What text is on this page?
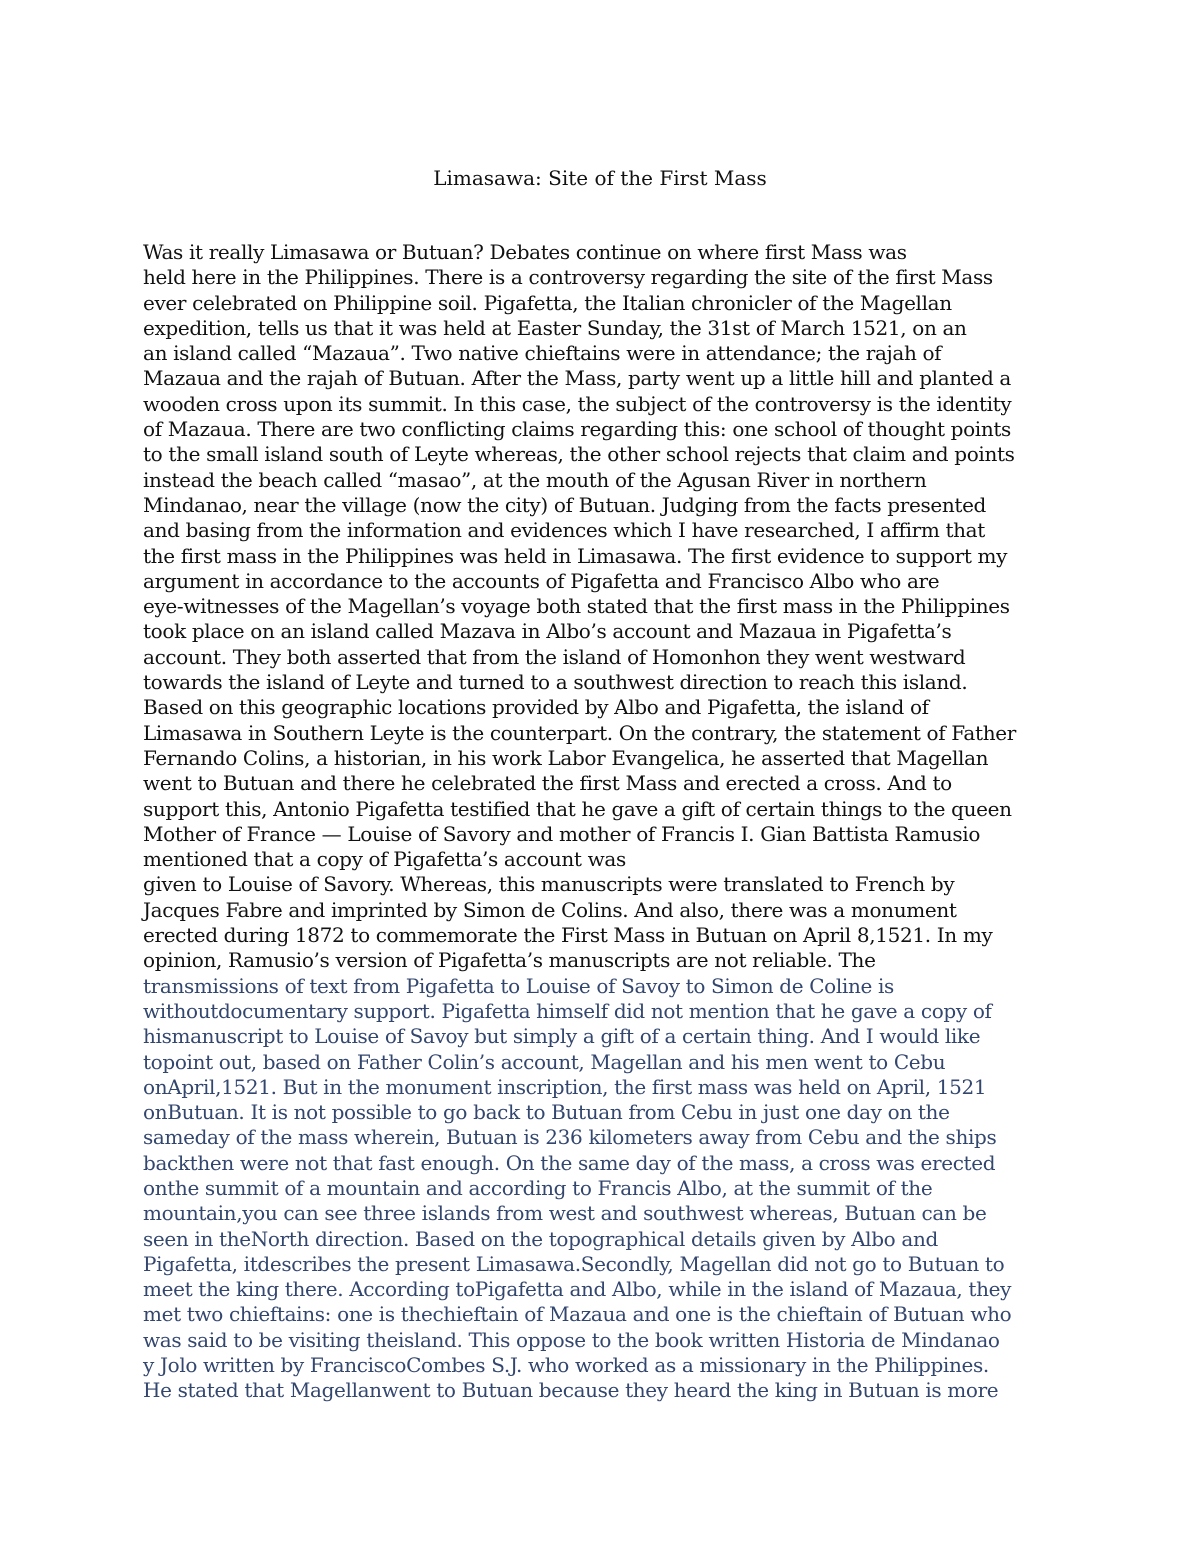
Limasawa: Site of the First Mass
Was it really Limasawa or Butuan? Debates continue on where first Mass was
held here in the Philippines. There is a controversy regarding the site of the first Mass
ever celebrated on Philippine soil. Pigafetta, the Italian chronicler of the Magellan
expedition, tells us that it was held at Easter Sunday, the 31st of March 1521, on an
an island called “Mazaua”. Two native chieftains were in attendance; the rajah of
Mazaua and the rajah of Butuan. After the Mass, party went up a little hill and planted a
wooden cross upon its summit. In this case, the subject of the controversy is the identity
of Mazaua. There are two conflicting claims regarding this: one school of thought points
to the small island south of Leyte whereas, the other school rejects that claim and points
instead the beach called “masao”, at the mouth of the Agusan River in northern
Mindanao, near the village (now the city) of Butuan. Judging from the facts presented
and basing from the information and evidences which I have researched, I affirm that
the first mass in the Philippines was held in Limasawa. The first evidence to support my
argument in accordance to the accounts of Pigafetta and Francisco Albo who are
eye-witnesses of the Magellan’s voyage both stated that the first mass in the Philippines
took place on an island called Mazava in Albo’s account and Mazaua in Pigafetta’s
account. They both asserted that from the island of Homonhon they went westward
towards the island of Leyte and turned to a southwest direction to reach this island.
Based on this geographic locations provided by Albo and Pigafetta, the island of
Limasawa in Southern Leyte is the counterpart. On the contrary, the statement of Father
Fernando Colins, a historian, in his work Labor Evangelica, he asserted that Magellan
went to Butuan and there he celebrated the first Mass and erected a cross. And to
support this, Antonio Pigafetta testified that he gave a gift of certain things to the queen
Mother of France — Louise of Savory and mother of Francis I. Gian Battista Ramusio
mentioned that a copy of Pigafetta’s account was
given to Louise of Savory. Whereas, this manuscripts were translated to French by
Jacques Fabre and imprinted by Simon de Colins. And also, there was a monument
erected during 1872 to commemorate the First Mass in Butuan on April 8,1521. In my
opinion, Ramusio’s version of Pigafetta’s manuscripts are not reliable. The
transmissions of text from Pigafetta to Louise of Savoy to Simon de Coline is
withoutdocumentary support. Pigafetta himself did not mention that he gave a copy of
hismanuscript to Louise of Savoy but simply a gift of a certain thing. And I would like
topoint out, based on Father Colin’s account, Magellan and his men went to Cebu
onApril,1521. But in the monument inscription, the first mass was held on April, 1521
onButuan. It is not possible to go back to Butuan from Cebu in just one day on the
sameday of the mass wherein, Butuan is 236 kilometers away from Cebu and the ships
backthen were not that fast enough. On the same day of the mass, a cross was erected
onthe summit of a mountain and according to Francis Albo, at the summit of the
mountain,you can see three islands from west and southwest whereas, Butuan can be
seen in theNorth direction. Based on the topographical details given by Albo and
Pigafetta, itdescribes the present Limasawa.Secondly, Magellan did not go to Butuan to
meet the king there. According toPigafetta and Albo, while in the island of Mazaua, they
met two chieftains: one is thechieftain of Mazaua and one is the chieftain of Butuan who
was said to be visiting theisland. This oppose to the book written Historia de Mindanao
y Jolo written by FranciscoCombes S.J. who worked as a missionary in the Philippines.
He stated that Magellanwent to Butuan because they heard the king in Butuan is more
